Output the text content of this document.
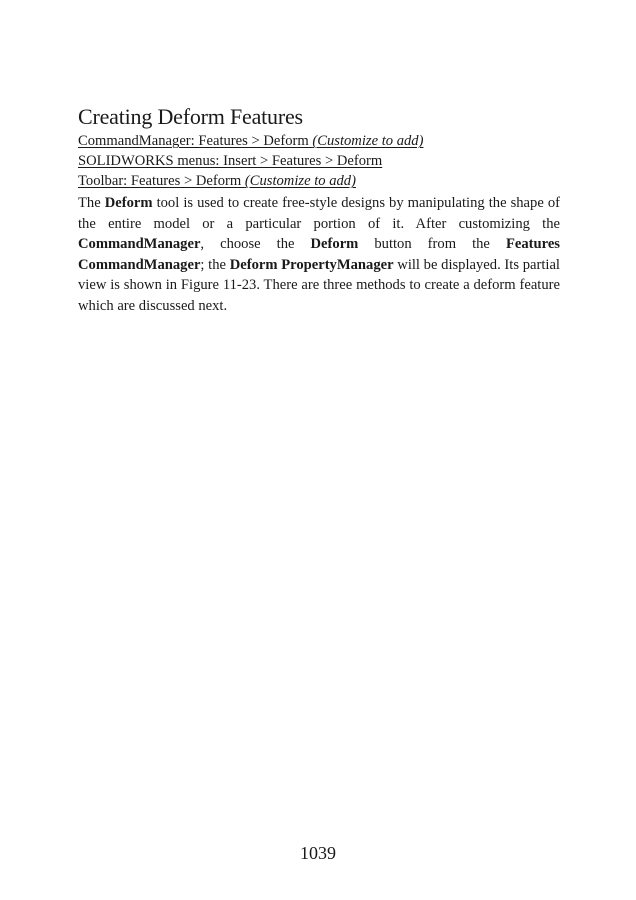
Creating Deform Features
CommandManager: Features > Deform (Customize to add)
SOLIDWORKS menus: Insert > Features > Deform
Toolbar: Features > Deform (Customize to add)

The Deform tool is used to create free-style designs by manipulating the shape of the entire model or a particular portion of it. After customizing the CommandManager, choose the Deform button from the Features CommandManager; the Deform PropertyManager will be displayed. Its partial view is shown in Figure 11-23. There are three methods to create a deform feature which are discussed next.

1039
